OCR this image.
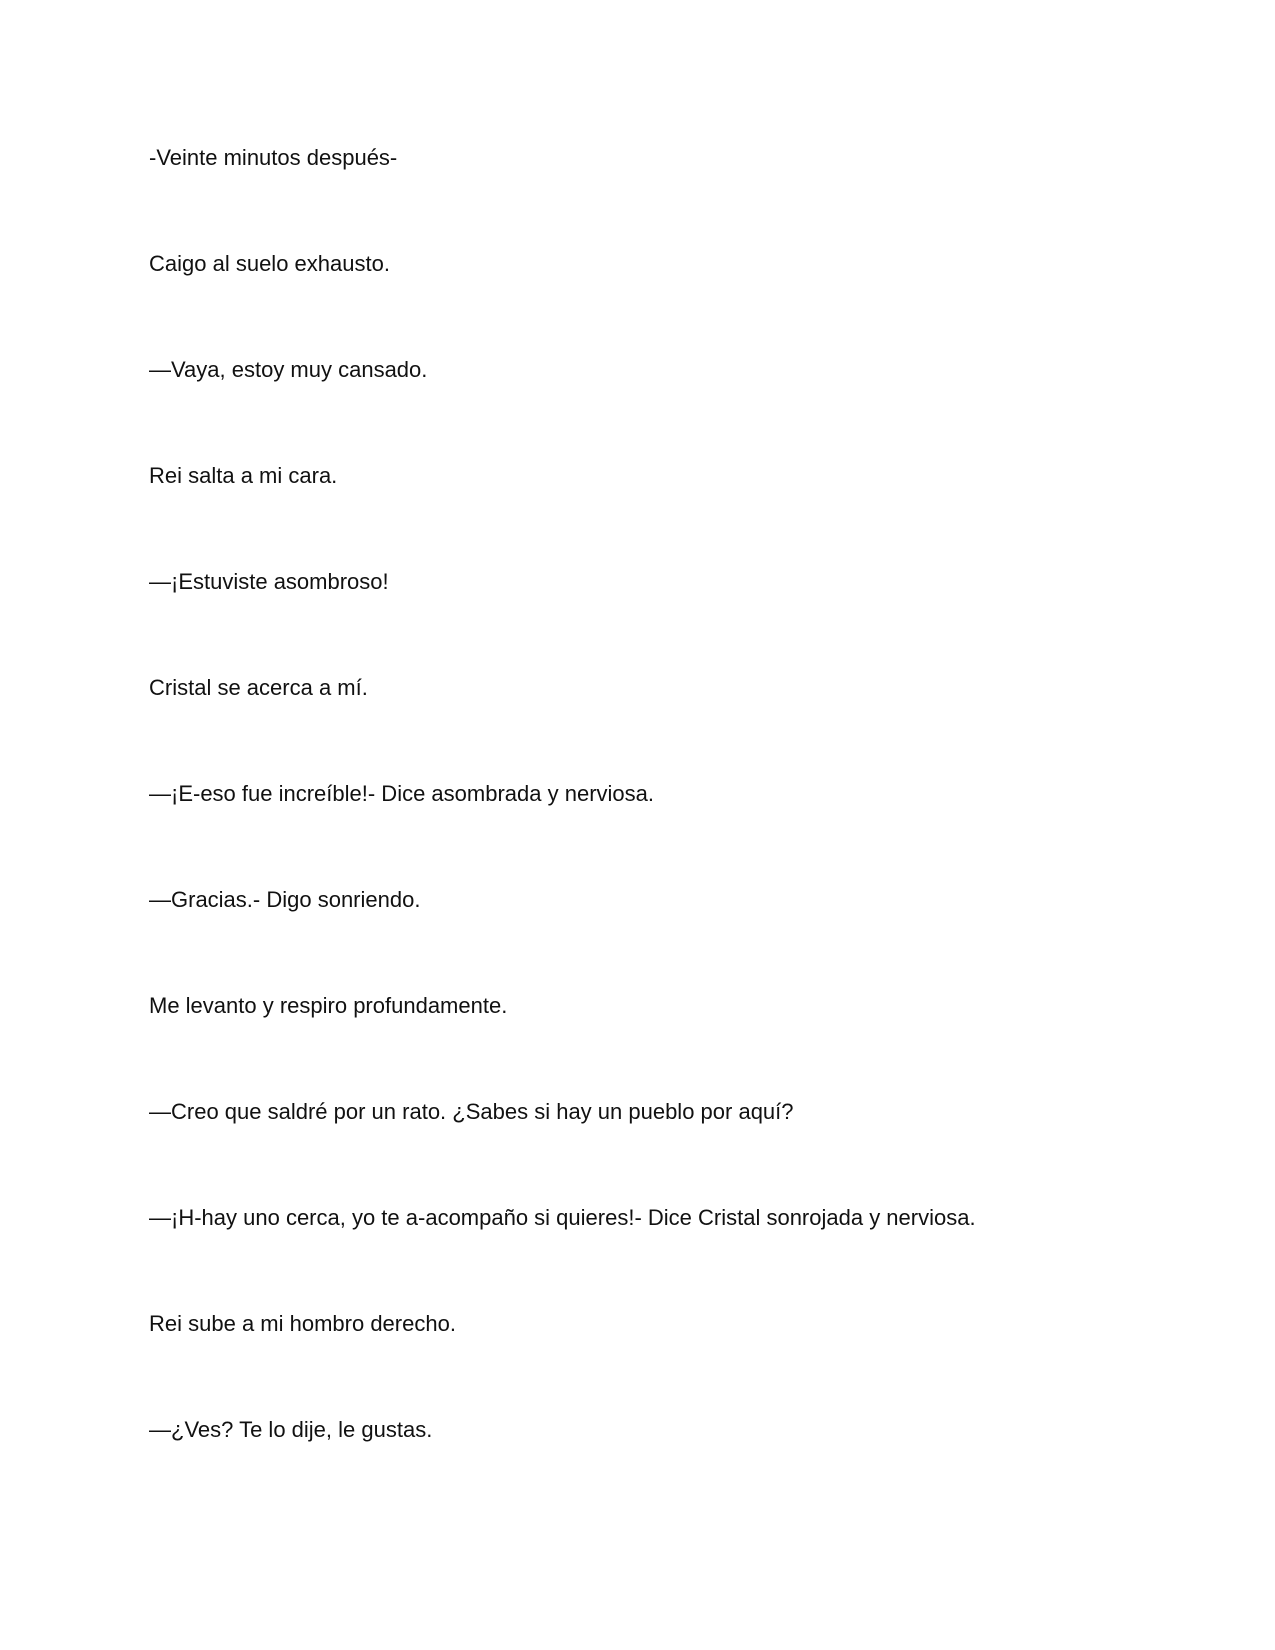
-Veinte minutos después-

Caigo al suelo exhausto.

—Vaya, estoy muy cansado.

Rei salta a mi cara.

—¡Estuviste asombroso!

Cristal se acerca a mí.

—¡E-eso fue increíble!- Dice asombrada y nerviosa.

—Gracias.- Digo sonriendo.

Me levanto y respiro profundamente.

—Creo que saldré por un rato. ¿Sabes si hay un pueblo por aquí?

—¡H-hay uno cerca, yo te a-acompaño si quieres!- Dice Cristal sonrojada y nerviosa.

Rei sube a mi hombro derecho.

—¿Ves? Te lo dije, le gustas.
